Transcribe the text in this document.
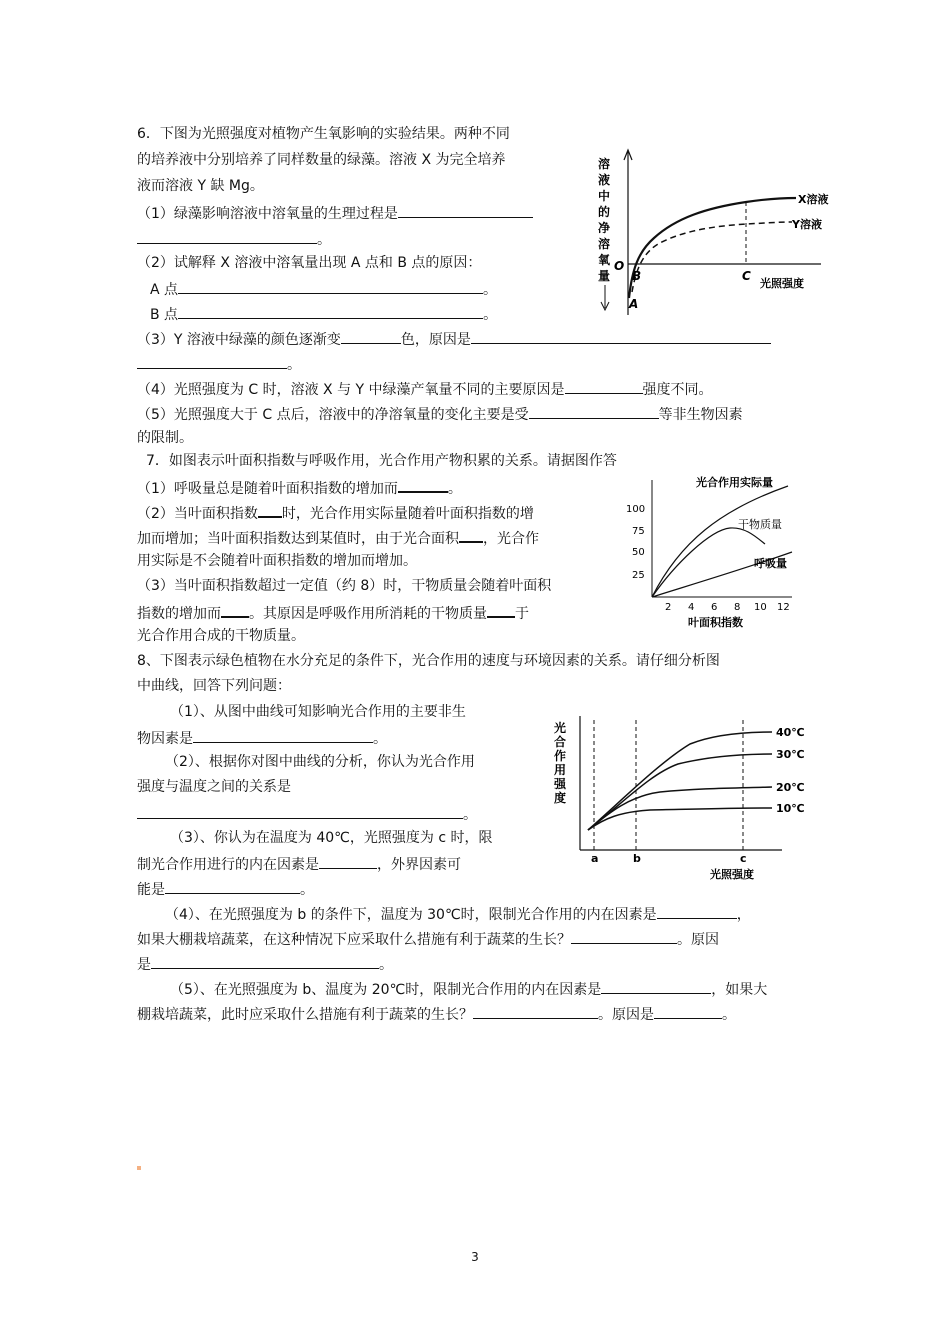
6．下图为光照强度对植物产生氧影响的实验结果。两种不同
的培养液中分别培养了同样数量的绿藻。溶液 X 为完全培养
液而溶液 Y 缺 Mg。
（1）绿藻影响溶液中溶氧量的生理过程是
。
（2）试解释 X 溶液中溶氧量出现 A 点和 B 点的原因：
A 点	。
B 点	。
（3）Y 溶液中绿藻的颜色逐渐变	色，原因是
。
（4）光照强度为 C 时，溶液 X 与 Y 中绿藻产氧量不同的主要原因是	强度不同。
（5）光照强度大于 C 点后，溶液中的净溶氧量的变化主要是受	等非生物因素
的限制。
溶
液
中
的
净
溶
氧
量
O
B	C
A
X溶液
Y溶液
光照强度
7．如图表示叶面积指数与呼吸作用，光合作用产物积累的关系。请据图作答
（1）呼吸量总是随着叶面积指数的增加而	。
（2）当叶面积指数 时，光合作用实际量随着叶面积指数的增
加而增加；当叶面积指数达到某值时，由于光合面积 ，光合作
用实际是不会随着叶面积指数的增加而增加。
（3）当叶面积指数超过一定值（约 8）时，干物质量会随着叶面积
指数的增加而 。其原因是呼吸作用所消耗的干物质量 于
光合作用合成的干物质量。
100
75
50
25
2 4 6 8 10 12
光合作用实际量
干物质量
呼吸量
叶面积指数
8、下图表示绿色植物在水分充足的条件下，光合作用的速度与环境因素的关系。请仔细分析图
中曲线，回答下列问题：
（1）、从图中曲线可知影响光合作用的主要非生
物因素是	。
（2）、根据你对图中曲线的分析，你认为光合作用
强度与温度之间的关系是
。
（3）、你认为在温度为 40℃，光照强度为 c 时，限
制光合作用进行的内在因素是	，外界因素可
能是	。
（4）、在光照强度为 b 的条件下，温度为 30℃时，限制光合作用的内在因素是	，
如果大棚栽培蔬菜，在这种情况下应采取什么措施有利于蔬菜的生长？	。原因
是	。
（5）、在光照强度为 b、温度为 20℃时，限制光合作用的内在因素是	，如果大
棚栽培蔬菜，此时应采取什么措施有利于蔬菜的生长？	。原因是	。
光
合
作
用
强
度
40℃
30℃
20℃
10℃
a	b	c
光照强度
3
